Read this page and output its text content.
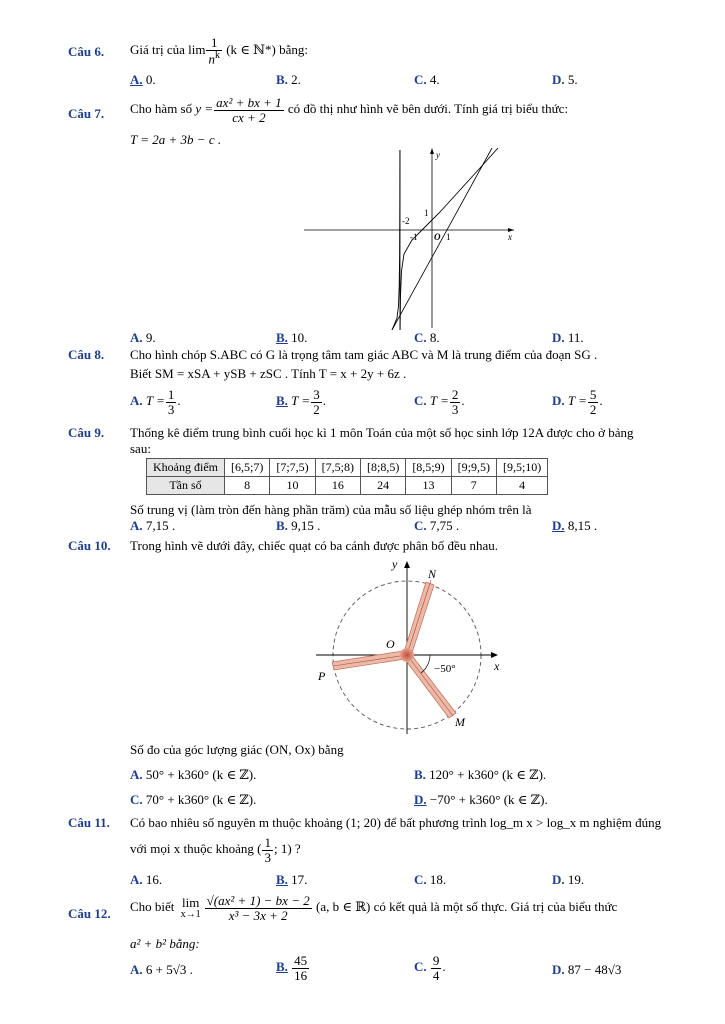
Câu 6. Giá trị của $\lim \frac{1}{n^k} (k$ ∈ ℕ*) bằng:
A. 0.	B. 2.	C. 4.	D. 5.
Câu 7. Cho hàm số $y = \frac{\text{ax² + bx + 1}}{cx + 2}$ có đồ thị như hình vẽ bên dưới. Tính giá trị biểu thức:
T = 2a + 3b − c .
y
x
O 1
1
-1
-2
A. 9.	B. 10.	C. 8.	D. 11.
Câu 8. Cho hình chóp S.ABC có G là trọng tâm tam giác ABC và M là trung điểm của đoạn SG .
Biết SM = xSA + ySB + zSC . Tính T = x + 2y + 6z .
A. $T = \frac{1}{3}$ .	B. $T = \frac{3}{2}$ .	C. $T = \frac{2}{3}$ .	D. $T = \frac{5}{2}$ .
Câu 9. Thống kê điểm trung bình cuối học kì 1 môn Toán của một số học sinh lớp 12A được cho ở bảng
sau:
Khoảng điểm	[6,5;7)	[7;7,5)	[7,5;8)	[8;8,5)	[8,5;9)	[9;9,5)	[9,5;10)
Tần số	8	10	16	24	13	7	4
Số trung vị (làm tròn đến hàng phần trăm) của mẫu số liệu ghép nhóm trên là
A. 7,15 .	B. 9,15 .	C. 7,75 .	D. 8,15 .
Câu 10. Trong hình vẽ dưới đây, chiếc quạt có ba cánh được phân bố đều nhau.
y
x
O
N
P
M
−50°
Số đo của góc lượng giác (ON, Ox) bằng
A. 50° + k360° (k ∈ ℤ).	B. 120° + k360° (k ∈ ℤ).
C. 70° + k360° (k ∈ ℤ).	D. −70° + k360° (k ∈ ℤ).
Câu 11. Có bao nhiêu số nguyên m thuộc khoảng (1; 20) để bất phương trình log_m x > log_x m nghiệm đúng
với mọi x thuộc khoảng ( $\frac{1}{3}$ ; 1) ?
A. 16.	B. 17.	C. 18.	D. 19.
Câu 12. Cho biết lim
$x\to 1 \frac{\text{√(ax² + 1) − bx − 2}}{\text{x³ − 3x + 2}} (a$, b ∈ ℝ) có kết quả là một số thực. Giá trị của biểu thức
a² + b² bằng:
A. 6 + 5√3 .	B. $\frac{45}{16}$	C. $\frac{9}{4}$ .	D. 87 − 48√3
